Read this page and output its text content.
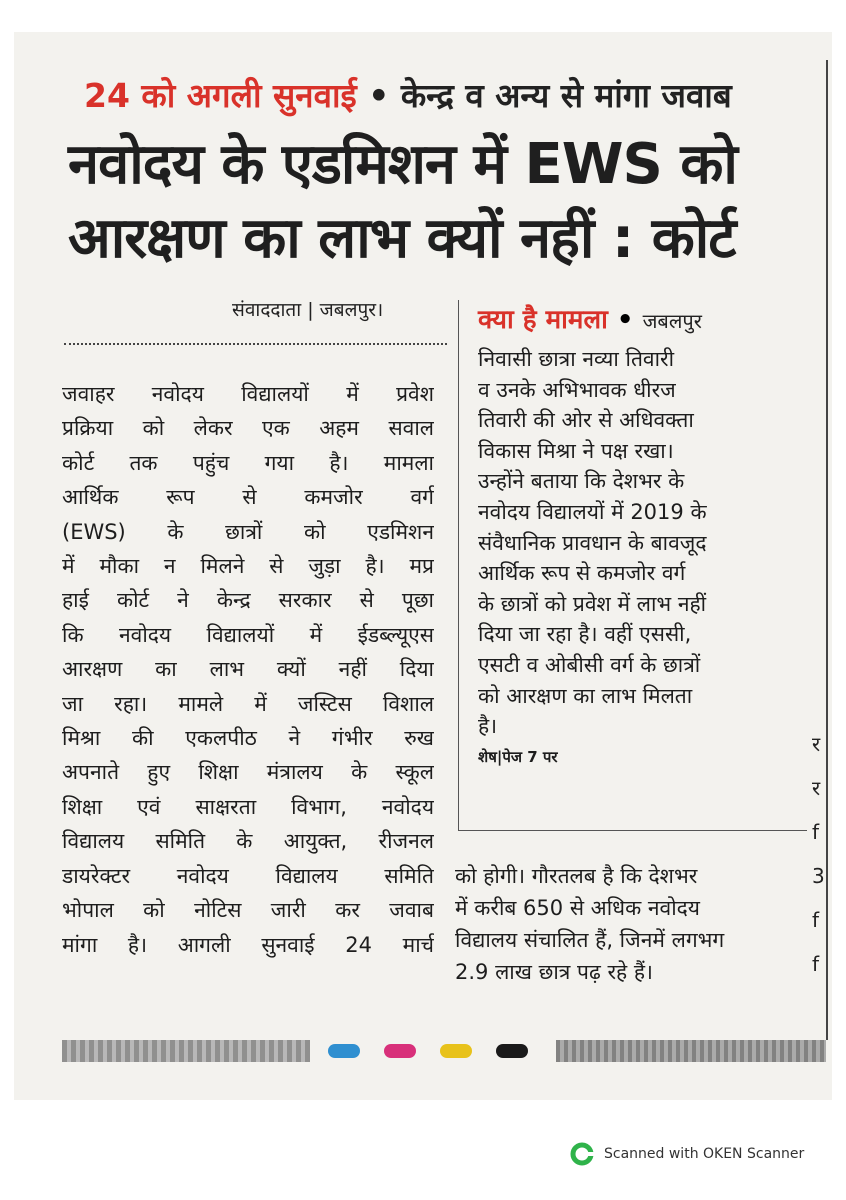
24 को अगली सुनवाई • केन्द्र व अन्य से मांगा जवाब
नवोदय के एडमिशन में EWS को
आरक्षण का लाभ क्यों नहीं : कोर्ट
संवाददाता | जबलपुर।
जवाहर नवोदय विद्यालयों में प्रवेश
प्रक्रिया को लेकर एक अहम सवाल
कोर्ट तक पहुंच गया है। मामला
आर्थिक रूप से कमजोर वर्ग
(EWS) के छात्रों को एडमिशन
में मौका न मिलने से जुड़ा है। मप्र
हाई कोर्ट ने केन्द्र सरकार से पूछा
कि नवोदय विद्यालयों में ईडब्ल्यूएस
आरक्षण का लाभ क्यों नहीं दिया
जा रहा। मामले में जस्टिस विशाल
मिश्रा की एकलपीठ ने गंभीर रुख
अपनाते हुए शिक्षा मंत्रालय के स्कूल
शिक्षा एवं साक्षरता विभाग, नवोदय
विद्यालय समिति के आयुक्त, रीजनल
डायरेक्टर नवोदय विद्यालय समिति
भोपाल को नोटिस जारी कर जवाब
मांगा है। आगली सुनवाई 24 मार्च
क्या है मामला • जबलपुर
निवासी छात्रा नव्या तिवारी
व उनके अभिभावक धीरज
तिवारी की ओर से अधिवक्ता
विकास मिश्रा ने पक्ष रखा।
उन्होंने बताया कि देशभर के
नवोदय विद्यालयों में 2019 के
संवैधानिक प्रावधान के बावजूद
आर्थिक रूप से कमजोर वर्ग
के छात्रों को प्रवेश में लाभ नहीं
दिया जा रहा है। वहीं एससी,
एसटी व ओबीसी वर्ग के छात्रों
को आरक्षण का लाभ मिलता
है।
शेष|पेज 7 पर
को होगी। गौरतलब है कि देशभर
में करीब 650 से अधिक नवोदय
विद्यालय संचालित हैं, जिनमें लगभग
2.9 लाख छात्र पढ़ रहे हैं।
र
र
f
3
f
f
Scanned with OKEN Scanner
